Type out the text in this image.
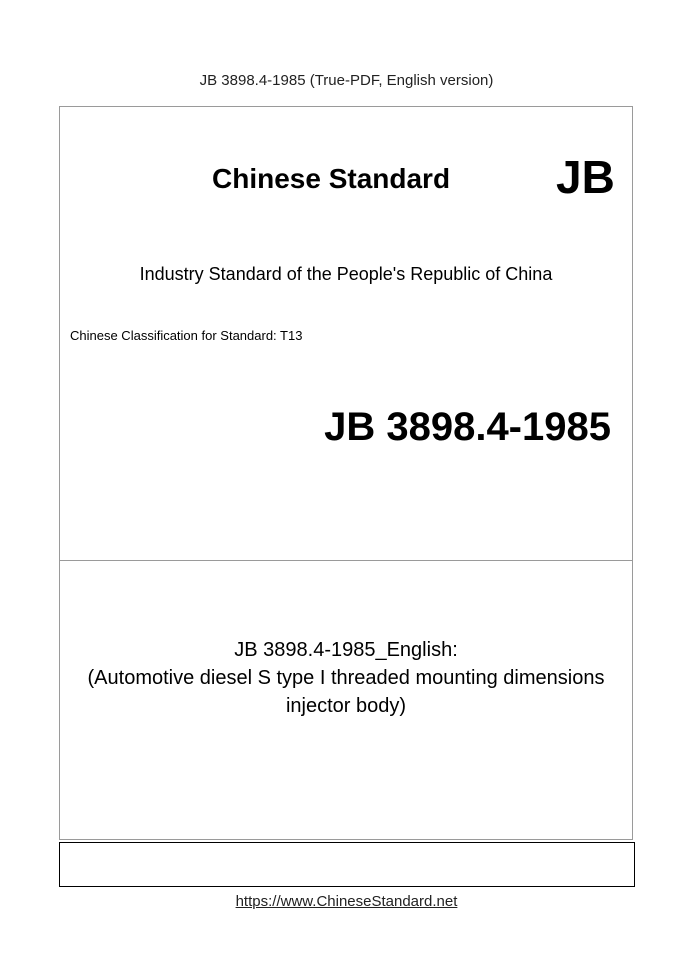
JB 3898.4-1985 (True-PDF, English version)
Chinese Standard JB
Industry Standard of the People's Republic of China
Chinese Classification for Standard: T13
JB 3898.4-1985
JB 3898.4-1985_English:
(Automotive diesel S type I threaded mounting dimensions
injector body)
https://www.ChineseStandard.net
